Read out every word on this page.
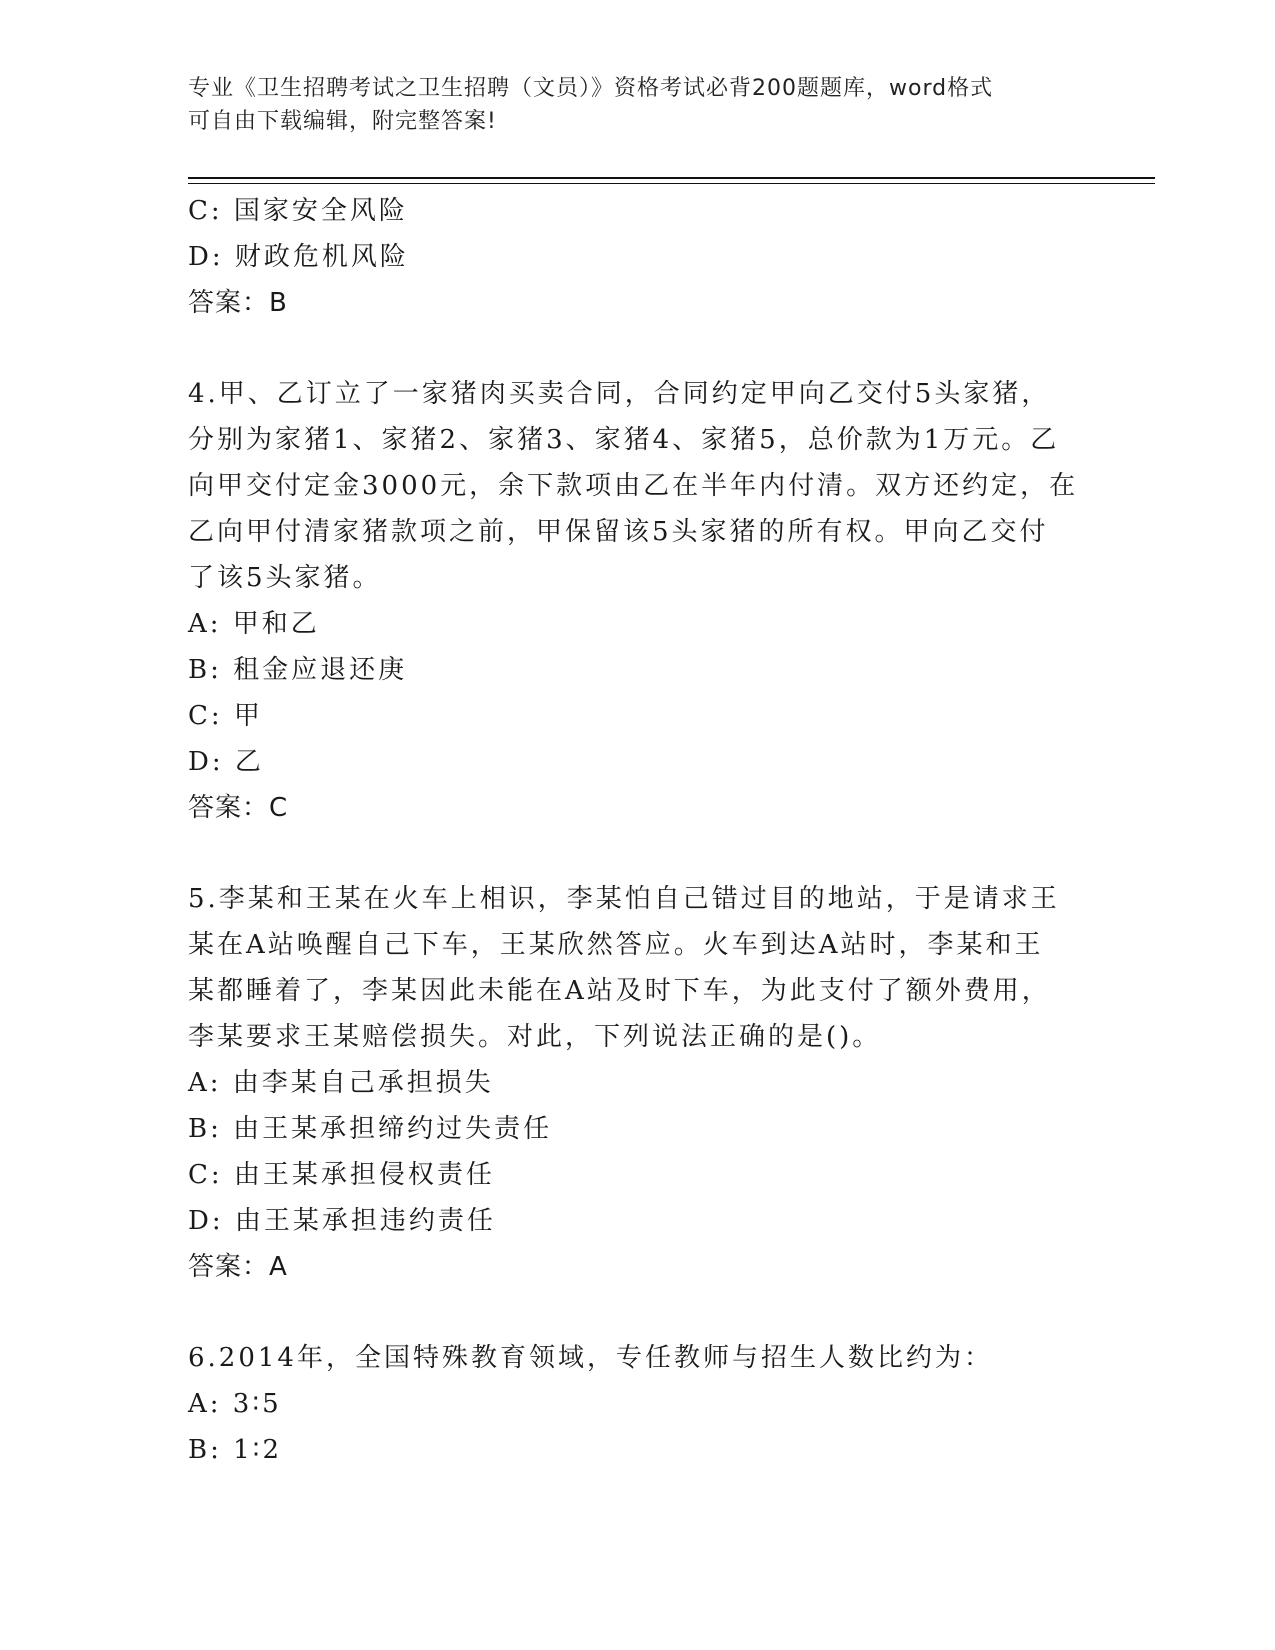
专业《卫生招聘考试之卫生招聘（文员）》资格考试必背200题题库，word格式
可自由下载编辑，附完整答案!
C: 国家安全风险
D: 财政危机风险
答案：B
4.甲、乙订立了一家猪肉买卖合同，合同约定甲向乙交付5头家猪，
分别为家猪1、家猪2、家猪3、家猪4、家猪5，总价款为1万元。乙
向甲交付定金3000元，余下款项由乙在半年内付清。双方还约定，在
乙向甲付清家猪款项之前，甲保留该5头家猪的所有权。甲向乙交付
了该5头家猪。
A: 甲和乙
B: 租金应退还庚
C: 甲
D: 乙
答案：C
5.李某和王某在火车上相识，李某怕自己错过目的地站，于是请求王
某在A站唤醒自己下车，王某欣然答应。火车到达A站时，李某和王
某都睡着了，李某因此未能在A站及时下车，为此支付了额外费用，
李某要求王某赔偿损失。对此，下列说法正确的是()。
A: 由李某自己承担损失
B: 由王某承担缔约过失责任
C: 由王某承担侵权责任
D: 由王某承担违约责任
答案：A
6.2014年，全国特殊教育领域，专任教师与招生人数比约为：
A: 3∶5
B: 1∶2
